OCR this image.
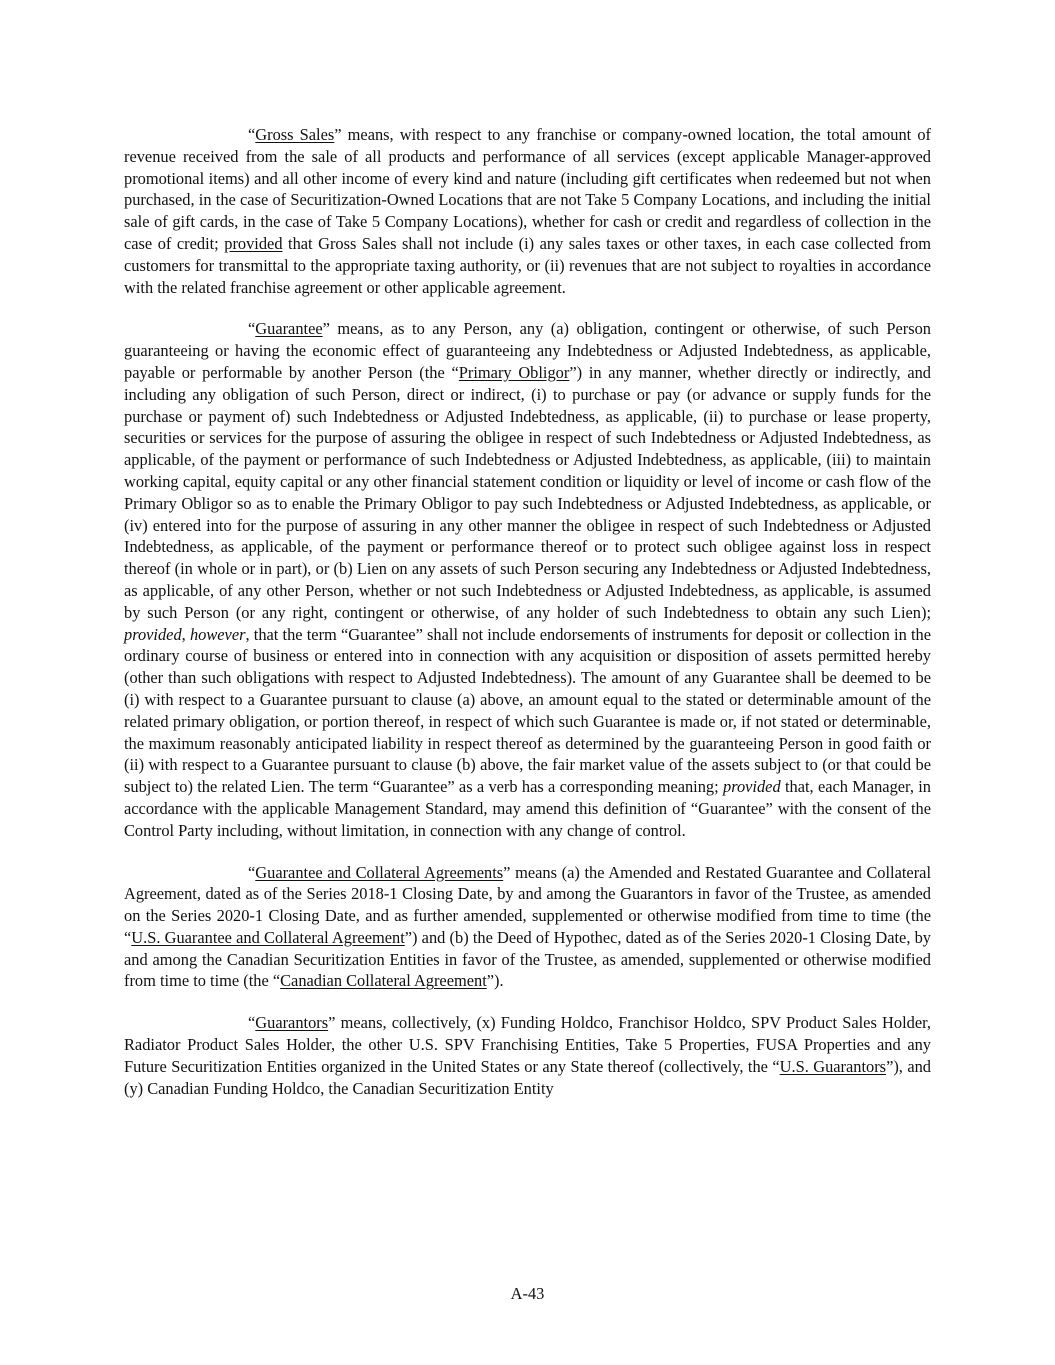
“Gross Sales” means, with respect to any franchise or company-owned location, the total amount of revenue received from the sale of all products and performance of all services (except applicable Manager-approved promotional items) and all other income of every kind and nature (including gift certificates when redeemed but not when purchased, in the case of Securitization-Owned Locations that are not Take 5 Company Locations, and including the initial sale of gift cards, in the case of Take 5 Company Locations), whether for cash or credit and regardless of collection in the case of credit; provided that Gross Sales shall not include (i) any sales taxes or other taxes, in each case collected from customers for transmittal to the appropriate taxing authority, or (ii) revenues that are not subject to royalties in accordance with the related franchise agreement or other applicable agreement.

“Guarantee” means, as to any Person, any (a) obligation, contingent or otherwise, of such Person guaranteeing or having the economic effect of guaranteeing any Indebtedness or Adjusted Indebtedness, as applicable, payable or performable by another Person (the “Primary Obligor”) in any manner, whether directly or indirectly, and including any obligation of such Person, direct or indirect, (i) to purchase or pay (or advance or supply funds for the purchase or payment of) such Indebtedness or Adjusted Indebtedness, as applicable, (ii) to purchase or lease property, securities or services for the purpose of assuring the obligee in respect of such Indebtedness or Adjusted Indebtedness, as applicable, of the payment or performance of such Indebtedness or Adjusted Indebtedness, as applicable, (iii) to maintain working capital, equity capital or any other financial statement condition or liquidity or level of income or cash flow of the Primary Obligor so as to enable the Primary Obligor to pay such Indebtedness or Adjusted Indebtedness, as applicable, or (iv) entered into for the purpose of assuring in any other manner the obligee in respect of such Indebtedness or Adjusted Indebtedness, as applicable, of the payment or performance thereof or to protect such obligee against loss in respect thereof (in whole or in part), or (b) Lien on any assets of such Person securing any Indebtedness or Adjusted Indebtedness, as applicable, of any other Person, whether or not such Indebtedness or Adjusted Indebtedness, as applicable, is assumed by such Person (or any right, contingent or otherwise, of any holder of such Indebtedness to obtain any such Lien); provided, however, that the term “Guarantee” shall not include endorsements of instruments for deposit or collection in the ordinary course of business or entered into in connection with any acquisition or disposition of assets permitted hereby (other than such obligations with respect to Adjusted Indebtedness). The amount of any Guarantee shall be deemed to be (i) with respect to a Guarantee pursuant to clause (a) above, an amount equal to the stated or determinable amount of the related primary obligation, or portion thereof, in respect of which such Guarantee is made or, if not stated or determinable, the maximum reasonably anticipated liability in respect thereof as determined by the guaranteeing Person in good faith or (ii) with respect to a Guarantee pursuant to clause (b) above, the fair market value of the assets subject to (or that could be subject to) the related Lien. The term “Guarantee” as a verb has a corresponding meaning; provided that, each Manager, in accordance with the applicable Management Standard, may amend this definition of “Guarantee” with the consent of the Control Party including, without limitation, in connection with any change of control.

“Guarantee and Collateral Agreements” means (a) the Amended and Restated Guarantee and Collateral Agreement, dated as of the Series 2018-1 Closing Date, by and among the Guarantors in favor of the Trustee, as amended on the Series 2020-1 Closing Date, and as further amended, supplemented or otherwise modified from time to time (the “U.S. Guarantee and Collateral Agreement”) and (b) the Deed of Hypothec, dated as of the Series 2020-1 Closing Date, by and among the Canadian Securitization Entities in favor of the Trustee, as amended, supplemented or otherwise modified from time to time (the “Canadian Collateral Agreement”).

“Guarantors” means, collectively, (x) Funding Holdco, Franchisor Holdco, SPV Product Sales Holder, Radiator Product Sales Holder, the other U.S. SPV Franchising Entities, Take 5 Properties, FUSA Properties and any Future Securitization Entities organized in the United States or any State thereof (collectively, the “U.S. Guarantors”), and (y) Canadian Funding Holdco, the Canadian Securitization Entity

A-43
